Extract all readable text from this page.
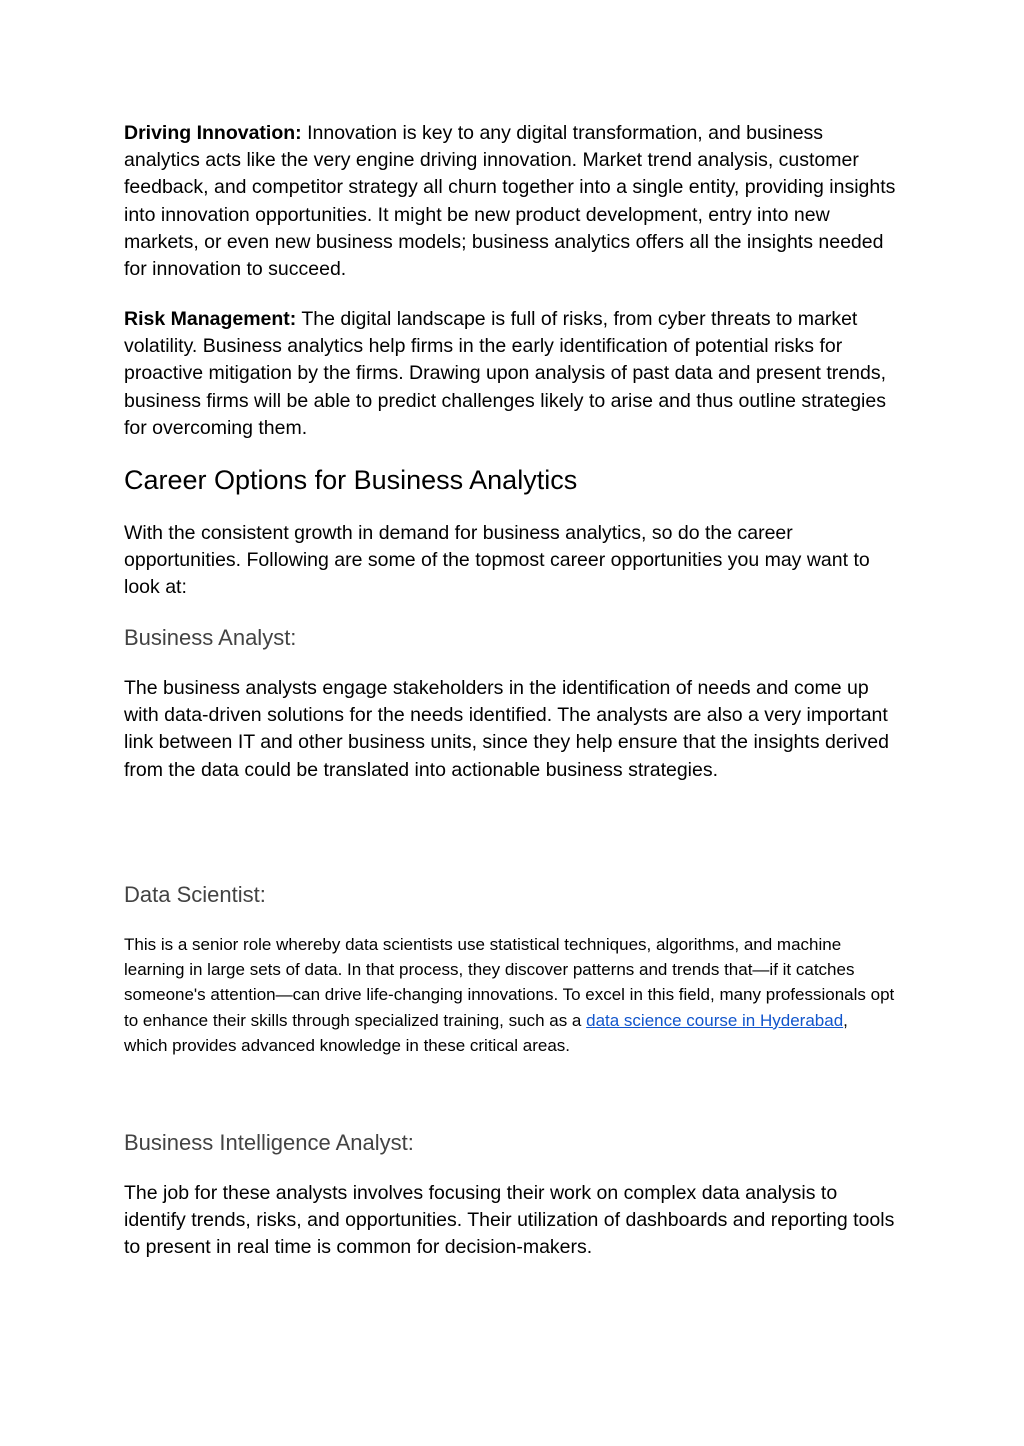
Driving Innovation: Innovation is key to any digital transformation, and business analytics acts like the very engine driving innovation. Market trend analysis, customer feedback, and competitor strategy all churn together into a single entity, providing insights into innovation opportunities. It might be new product development, entry into new markets, or even new business models; business analytics offers all the insights needed for innovation to succeed.

Risk Management: The digital landscape is full of risks, from cyber threats to market volatility. Business analytics help firms in the early identification of potential risks for proactive mitigation by the firms. Drawing upon analysis of past data and present trends, business firms will be able to predict challenges likely to arise and thus outline strategies for overcoming them.

Career Options for Business Analytics

With the consistent growth in demand for business analytics, so do the career opportunities. Following are some of the topmost career opportunities you may want to look at:

Business Analyst:

The business analysts engage stakeholders in the identification of needs and come up with data-driven solutions for the needs identified. The analysts are also a very important link between IT and other business units, since they help ensure that the insights derived from the data could be translated into actionable business strategies.

Data Scientist:

This is a senior role whereby data scientists use statistical techniques, algorithms, and machine learning in large sets of data. In that process, they discover patterns and trends that—if it catches someone's attention—can drive life-changing innovations. To excel in this field, many professionals opt to enhance their skills through specialized training, such as a data science course in Hyderabad, which provides advanced knowledge in these critical areas.

Business Intelligence Analyst:

The job for these analysts involves focusing their work on complex data analysis to identify trends, risks, and opportunities. Their utilization of dashboards and reporting tools to present in real time is common for decision-makers.
